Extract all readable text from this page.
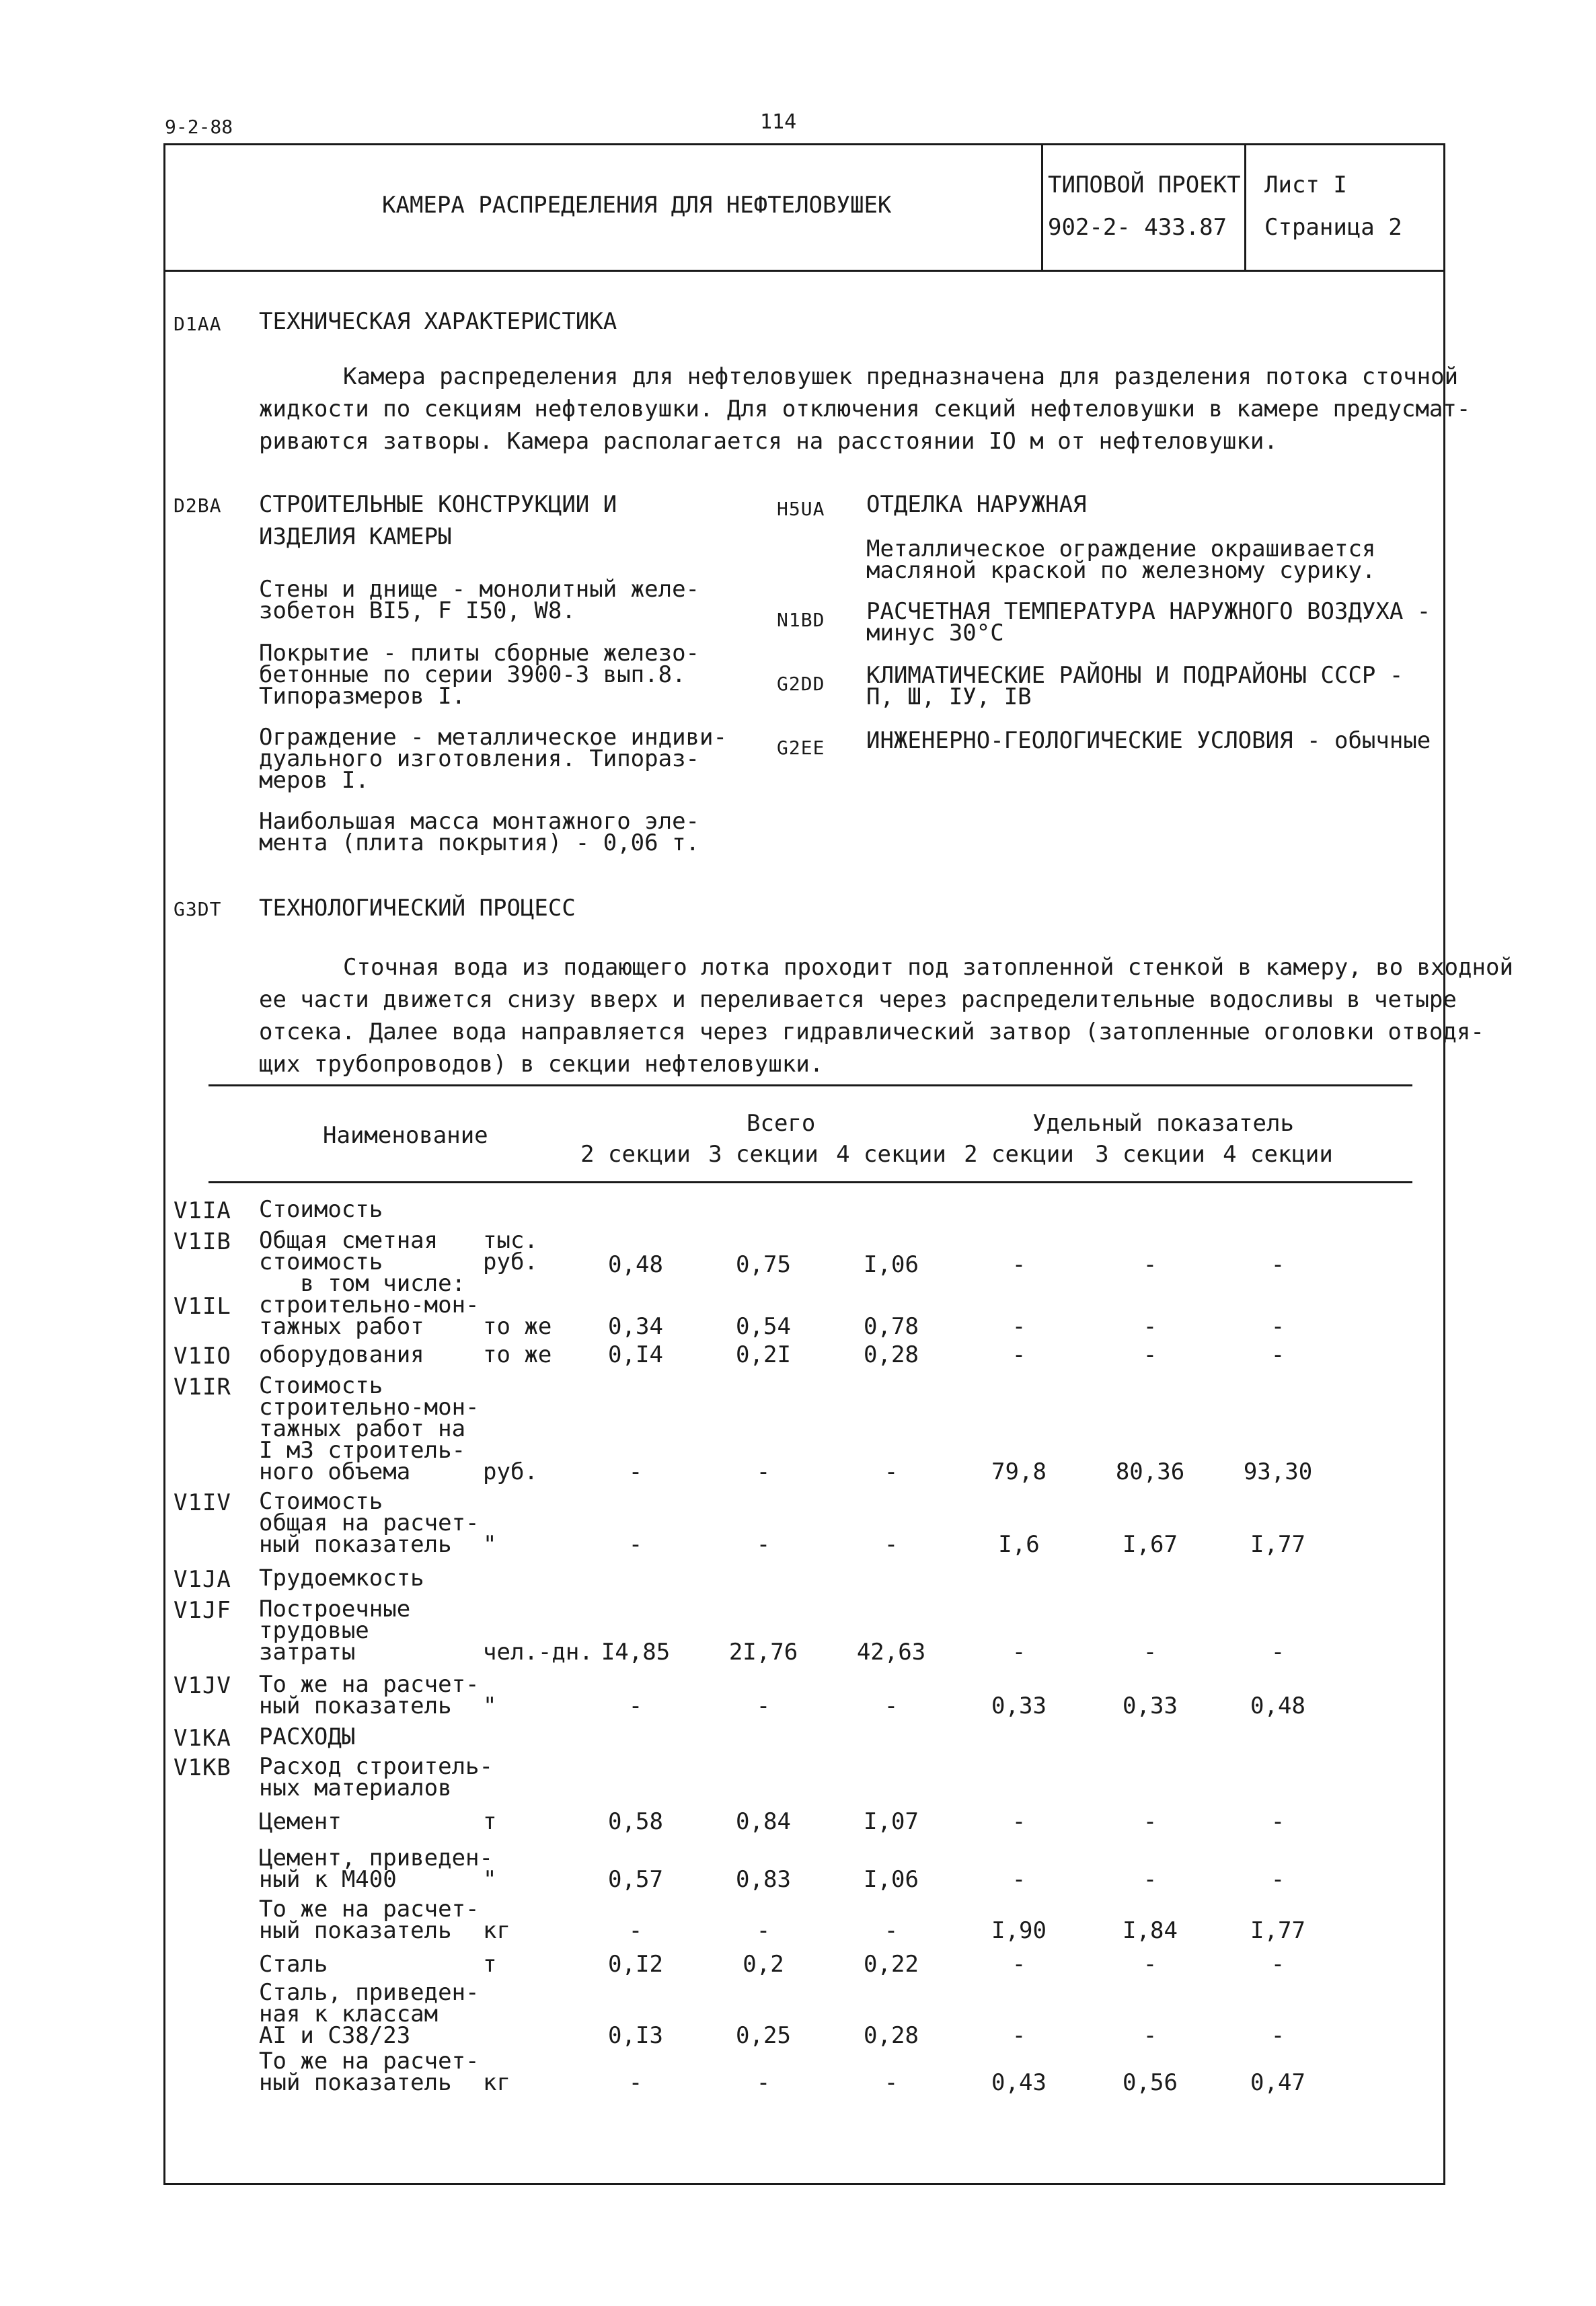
9-2-88	114
КАМЕРА РАСПРЕДЕЛЕНИЯ ДЛЯ НЕФТЕЛОВУШЕК
ТИПОВОЙ ПРОЕКТ
902-2- 433.87
Лист I
Страница 2
D1AA ТЕХНИЧЕСКАЯ ХАРАКТЕРИСТИКА
Камера распределения для нефтеловушек предназначена для разделения потока сточной
жидкости по секциям нефтеловушки. Для отключения секций нефтеловушки в камере предусмат-
риваются затворы. Камера располагается на расстоянии IO м от нефтеловушки.
D2BA СТРОИТЕЛЬНЫЕ КОНСТРУКЦИИ И
ИЗДЕЛИЯ КАМЕРЫ
Стены и днище - монолитный желе-
зобетон BI5, F I50, W8.
Покрытие - плиты сборные железо-
бетонные по серии 3900-3 вып.8.
Типоразмеров I.
Ограждение - металлическое индиви-
дуального изготовления. Типораз-
меров I.
Наибольшая масса монтажного эле-
мента (плита покрытия) - 0,06 т.
H5UA ОТДЕЛКА НАРУЖНАЯ
Металлическое ограждение окрашивается
масляной краской по железному сурику.
N1BD РАСЧЕТНАЯ ТЕМПЕРАТУРА НАРУЖНОГО ВОЗДУХА -
минус 30°С
G2DD КЛИМАТИЧЕСКИЕ РАЙОНЫ И ПОДРАЙОНЫ СССР -
П, Ш, IУ, IВ
G2EE ИНЖЕНЕРНО-ГЕОЛОГИЧЕСКИЕ УСЛОВИЯ - обычные
G3DT ТЕХНОЛОГИЧЕСКИЙ ПРОЦЕСС
Сточная вода из подающего лотка проходит под затопленной стенкой в камеру, во входной
ее части движется снизу вверх и переливается через распределительные водосливы в четыре
отсека. Далее вода направляется через гидравлический затвор (затопленные оголовки отводя-
щих трубопроводов) в секции нефтеловушки.
Наименование	Всего	Удельный показатель
2 секции 3 секции 4 секции 2 секции 3 секции 4 секции
V1IA Стоимость
V1IB Общая сметная
стоимость
в том числе:
тыс.
руб.	0,48	0,75	I,06	-	-	-
V1IL строительно-мон-
тажных работ	то же	0,34	0,54	0,78	-	-	-
V1IO оборудования	то же	0,I4	0,2I	0,28	-	-	-
V1IR Стоимость
строительно-мон-
тажных работ на
I м3 строитель-
ного объема	руб.	-	-	-	79,8	80,36	93,30
V1IV Стоимость
общая на расчет-
ный показатель "	-	-	-	I,6	I,67	I,77
V1JA Трудоемкость
V1JF Построечные
трудовые
затраты	чел.-дн. I4,85	2I,76	42,63	-	-	-
V1JV То же на расчет-
ный показатель "	-	-	-	0,33	0,33	0,48
V1KA РАСХОДЫ
V1KB Расход строитель-
ных материалов
Цемент	т	0,58	0,84	I,07	-	-	-
Цемент, приведен-
ный к М400	"	0,57	0,83	I,06	-	-	-
То же на расчет-
ный показатель кг	-	-	-	I,90	I,84	I,77
Сталь	т	0,I2	0,2	0,22	-	-	-
Сталь, приведен-
ная к классам
AI и С38/23	0,I3	0,25	0,28	-	-	-
То же на расчет-
ный показатель кг	-	-	-	0,43	0,56	0,47
